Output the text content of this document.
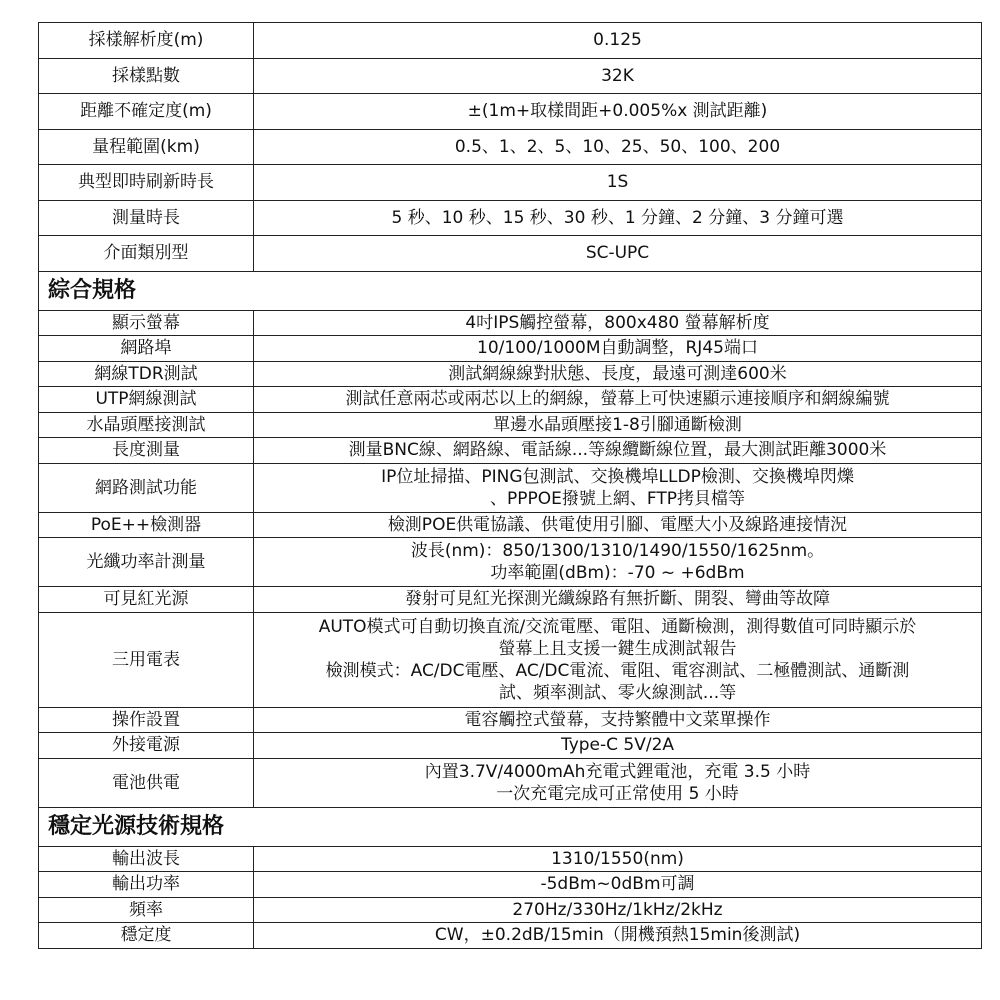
採樣解析度(m)	0.125
採樣點數	32K
距離不確定度(m)	±(1m+取樣間距+0.005%x 測試距離)
量程範圍(km)	0.5、1、2、5、10、25、50、100、200
典型即時刷新時長	1S
測量時長	5 秒、10 秒、15 秒、30 秒、1 分鐘、2 分鐘、3 分鐘可選
介面類別型	SC-UPC
綜合規格	
顯示螢幕	4吋IPS觸控螢幕，800x480 螢幕解析度
網路埠	10/100/1000M自動調整，RJ45端口
網線TDR測試	測試網線線對狀態、長度，最遠可測達600米
UTP網線測試	測試任意兩芯或兩芯以上的網線，螢幕上可快速顯示連接順序和網線編號
水晶頭壓接測試	單邊水晶頭壓接1-8引腳通斷檢測
長度測量	測量BNC線、網路線、電話線...等線纜斷線位置，最大測試距離3000米
網路測試功能	IP位址掃描、PING包測試、交換機埠LLDP檢測、交換機埠閃爍
、PPPOE撥號上網、FTP拷貝檔等

PoE++檢測器	檢測POE供電協議、供電使用引腳、電壓大小及線路連接情況
光纖功率計測量	波長(nm)：850/1300/1310/1490/1550/1625nm。
功率範圍(dBm)：-70 ~ +6dBm

可見紅光源	發射可見紅光探測光纖線路有無折斷、開裂、彎曲等故障
三用電表	AUTO模式可自動切換直流/交流電壓、電阻、通斷檢測，測得數值可同時顯示於
螢幕上且支援一鍵生成測試報告
檢測模式：AC/DC電壓、AC/DC電流、電阻、電容測試、二極體測試、通斷測
試、頻率測試、零火線測試...等

操作設置	電容觸控式螢幕，支持繁體中文菜單操作
外接電源	Type-C 5V/2A
電池供電	內置3.7V/4000mAh充電式鋰電池，充電 3.5 小時
一次充電完成可正常使用 5 小時

穩定光源技術規格	
輸出波長	1310/1550(nm)
輸出功率	-5dBm~0dBm可調
頻率	270Hz/330Hz/1kHz/2kHz
穩定度	CW，±0.2dB/15min（開機預熱15min後測試)
